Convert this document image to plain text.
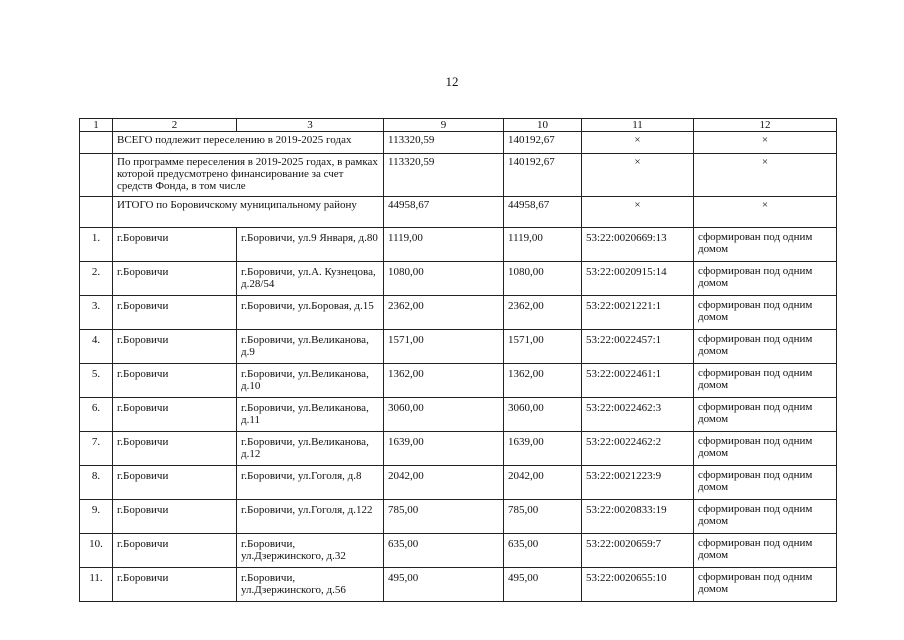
12
1	2	3	9	10	11	12
	ВСЕГО подлежит переселению в 2019-2025 годах		113320,59	140192,67	×	×
	По программе переселения в 2019-2025 годах, в рамках которой предусмотрено финансирование за счет средств Фонда, в том числе		113320,59	140192,67	×	×
	ИТОГО по Боровичскому муниципальному району		44958,67	44958,67	×	×
1.	г.Боровичи	г.Боровичи, ул.9 Января, д.80	1119,00	1119,00	53:22:0020669:13	сформирован под одним домом
2.	г.Боровичи	г.Боровичи, ул.А. Кузнецова, д.28/54	1080,00	1080,00	53:22:0020915:14	сформирован под одним домом
3.	г.Боровичи	г.Боровичи, ул.Боровая, д.15	2362,00	2362,00	53:22:0021221:1	сформирован под одним домом
4.	г.Боровичи	г.Боровичи, ул.Великанова, д.9	1571,00	1571,00	53:22:0022457:1	сформирован под одним домом
5.	г.Боровичи	г.Боровичи, ул.Великанова, д.10	1362,00	1362,00	53:22:0022461:1	сформирован под одним домом
6.	г.Боровичи	г.Боровичи, ул.Великанова, д.11	3060,00	3060,00	53:22:0022462:3	сформирован под одним домом
7.	г.Боровичи	г.Боровичи, ул.Великанова, д.12	1639,00	1639,00	53:22:0022462:2	сформирован под одним домом
8.	г.Боровичи	г.Боровичи, ул.Гоголя, д.8	2042,00	2042,00	53:22:0021223:9	сформирован под одним домом
9.	г.Боровичи	г.Боровичи, ул.Гоголя, д.122	785,00	785,00	53:22:0020833:19	сформирован под одним домом
10.	г.Боровичи	г.Боровичи, ул.Дзержинского, д.32	635,00	635,00	53:22:0020659:7	сформирован под одним домом
11.	г.Боровичи	г.Боровичи, ул.Дзержинского, д.56	495,00	495,00	53:22:0020655:10	сформирован под одним домом
